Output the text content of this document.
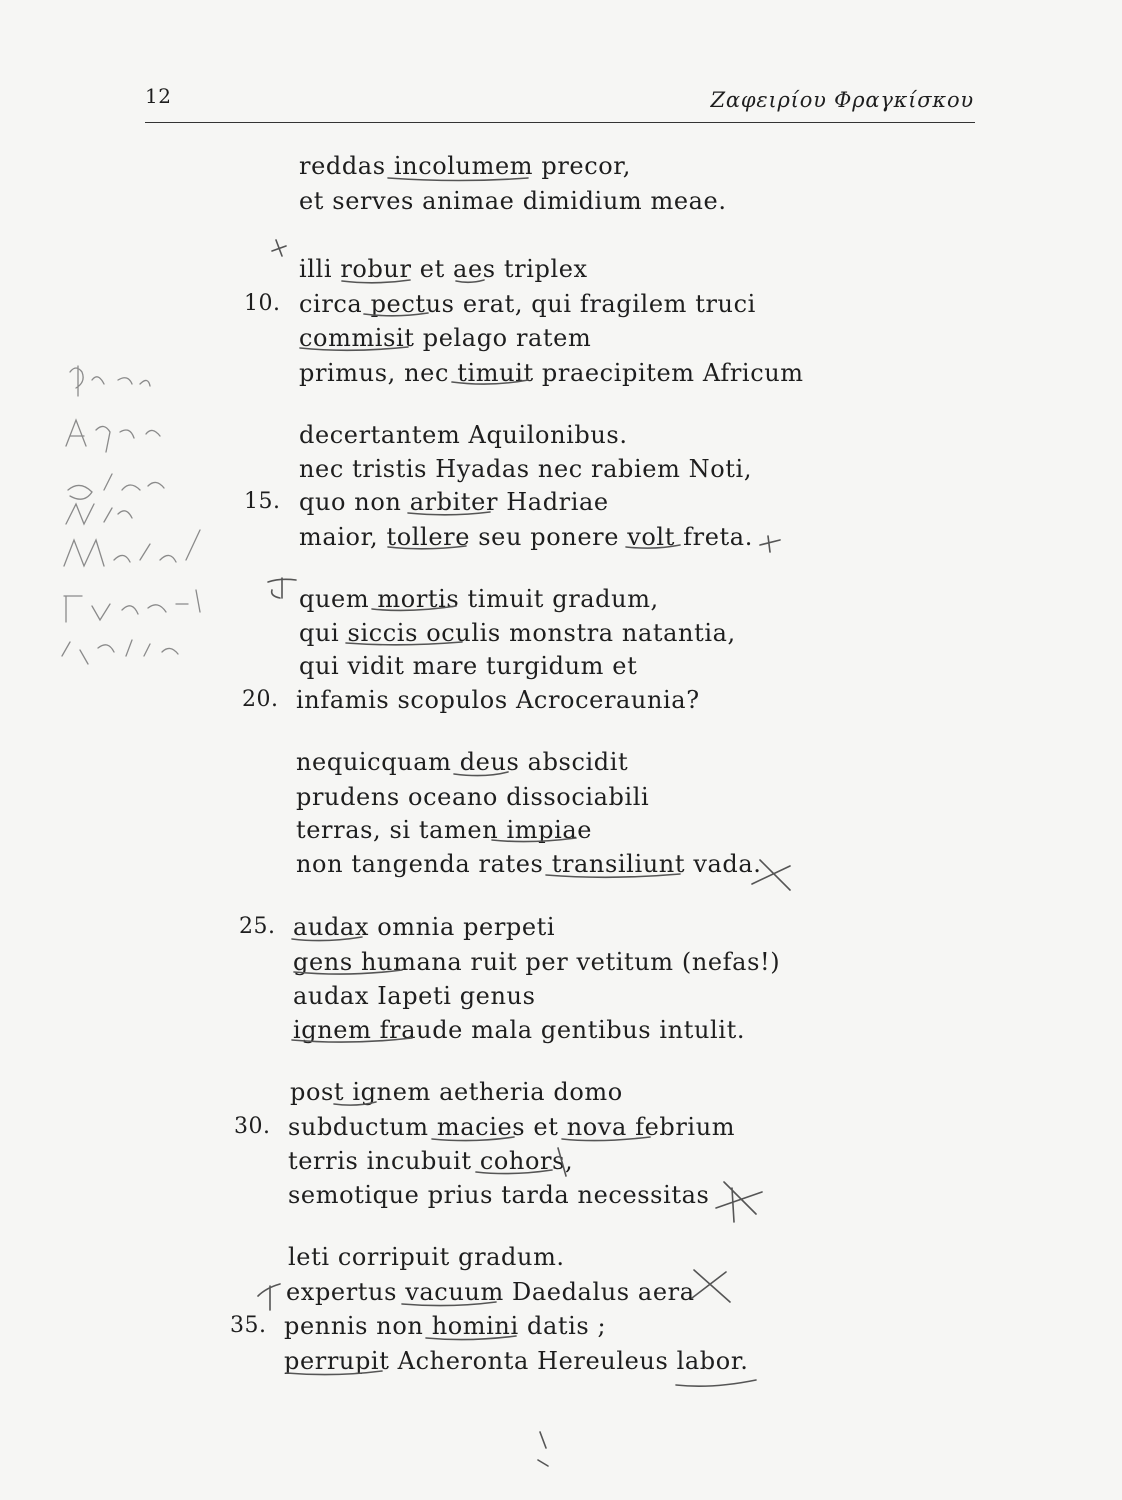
12	Ζαφειρίου Φραγκίσκου
reddas incolumem precor,
et serves animae dimidium meae.
illi robur et aes triplex
10. circa pectus erat, qui fragilem truci
commisit pelago ratem
primus, nec timuit praecipitem Africum
decertantem Aquilonibus.
nec tristis Hyadas nec rabiem Noti,
15. quo non arbiter Hadriae
maior, tollere seu ponere volt freta.
quem mortis timuit gradum,
qui siccis oculis monstra natantia,
qui vidit mare turgidum et
20. infamis scopulos Acroceraunia?
nequicquam deus abscidit
prudens oceano dissociabili
terras, si tamen impiae
non tangenda rates transiliunt vada.
25. audax omnia perpeti
gens humana ruit per vetitum (nefas!)
audax Iapeti genus
ignem fraude mala gentibus intulit.
post ignem aetheria domo
30. subductum macies et nova febrium
terris incubuit cohors,
semotique prius tarda necessitas
leti corripuit gradum.
expertus vacuum Daedalus aera
35. pennis non homini datis ;
perrupit Acheronta Hereuleus labor.
